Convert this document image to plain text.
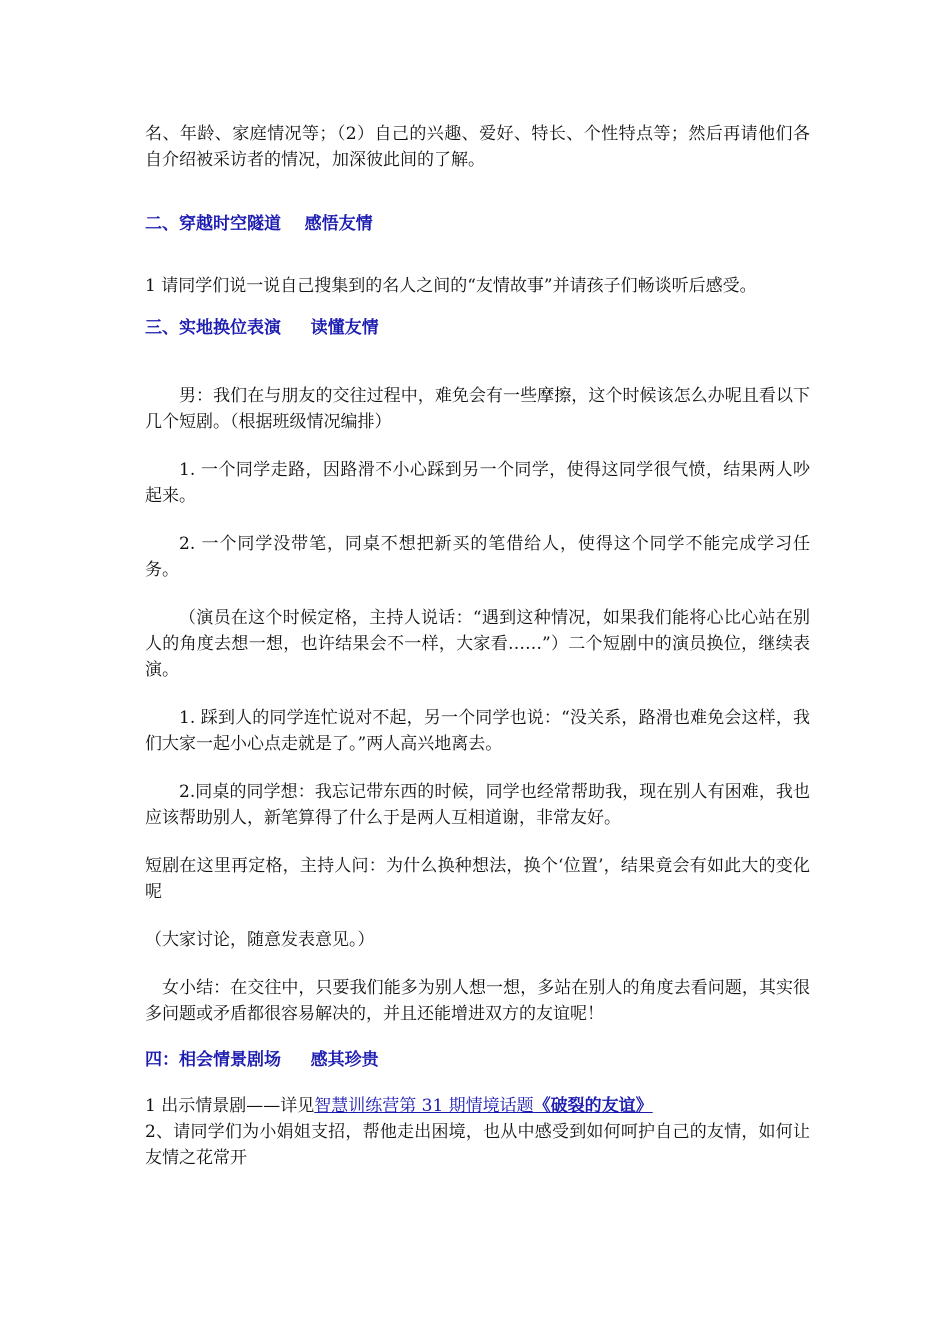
名、年龄、家庭情况等；（2）自己的兴趣、爱好、特长、个性特点等；然后再请他们各自介绍被采访者的情况，加深彼此间的了解。

二、穿越时空隧道    感悟友情

1 请同学们说一说自己搜集到的名人之间的“友情故事”并请孩子们畅谈听后感受。

三、实地换位表演     读懂友情

男：我们在与朋友的交往过程中，难免会有一些摩擦，这个时候该怎么办呢且看以下几个短剧。（根据班级情况编排）

1. 一个同学走路，因路滑不小心踩到另一个同学，使得这同学很气愤，结果两人吵起来。

2. 一个同学没带笔，同桌不想把新买的笔借给人，使得这个同学不能完成学习任务。

（演员在这个时候定格，主持人说话：“遇到这种情况，如果我们能将心比心站在别人的角度去想一想，也许结果会不一样，大家看……”）二个短剧中的演员换位，继续表演。

1. 踩到人的同学连忙说对不起，另一个同学也说：“没关系，路滑也难免会这样，我们大家一起小心点走就是了。”两人高兴地离去。

2.同桌的同学想：我忘记带东西的时候，同学也经常帮助我，现在别人有困难，我也应该帮助别人，新笔算得了什么于是两人互相道谢，非常友好。

短剧在这里再定格，主持人问：为什么换种想法，换个‘位置’，结果竟会有如此大的变化呢

（大家讨论，随意发表意见。）

女小结：在交往中，只要我们能多为别人想一想，多站在别人的角度去看问题，其实很多问题或矛盾都很容易解决的，并且还能增进双方的友谊呢！

四：相会情景剧场     感其珍贵

1 出示情景剧——详见智慧训练营第 31 期情境话题《破裂的友谊》

2、请同学们为小娟姐支招，帮他走出困境，也从中感受到如何呵护自己的友情，如何让友情之花常开
